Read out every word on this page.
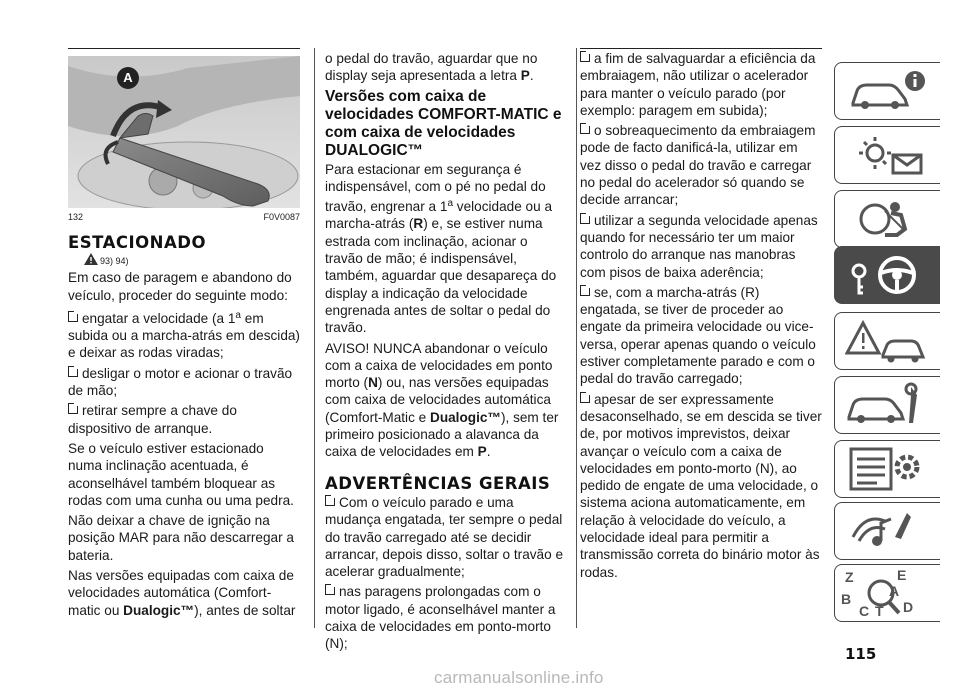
A
132	F0V0087
ESTACIONADO
93) 94)

Em caso de paragem e abandono do veículo, proceder do seguinte modo:

engatar a velocidade (a 1$^a$ em subida ou a marcha-atrás em descida) e deixar as rodas viradas;

desligar o motor e acionar o travão de mão;

retirar sempre a chave do dispositivo de arranque.

Se o veículo estiver estacionado numa inclinação acentuada, é aconselhável também bloquear as rodas com uma cunha ou uma pedra.

Não deixar a chave de ignição na posição MAR para não descarregar a bateria.

Nas versões equipadas com caixa de velocidades automática (Comfort-matic ou Dualogic™), antes de soltar

o pedal do travão, aguardar que no display seja apresentada a letra P.

Versões com caixa de velocidades COMFORT-MATIC e com caixa de velocidades DUALOGIC™

Para estacionar em segurança é indispensável, com o pé no pedal do travão, engrenar a 1$^a$ velocidade ou a marcha-atrás (R) e, se estiver numa estrada com inclinação, acionar o travão de mão; é indispensável, também, aguardar que desapareça do display a indicação da velocidade engrenada antes de soltar o pedal do travão.

AVISO! NUNCA abandonar o veículo com a caixa de velocidades em ponto morto (N) ou, nas versões equipadas com caixa de velocidades automática (Comfort-Matic e Dualogic™), sem ter primeiro posicionado a alavanca da caixa de velocidades em P.

ADVERTÊNCIAS GERAIS

Com o veículo parado e uma mudança engatada, ter sempre o pedal do travão carregado até se decidir arrancar, depois disso, soltar o travão e acelerar gradualmente;

nas paragens prolongadas com o motor ligado, é aconselhável manter a caixa de velocidades em ponto-morto (N);

a fim de salvaguardar a eficiência da embraiagem, não utilizar o acelerador para manter o veículo parado (por exemplo: paragem em subida);

o sobreaquecimento da embraiagem pode de facto danificá-la, utilizar em vez disso o pedal do travão e carregar no pedal do acelerador só quando se decide arrancar;

utilizar a segunda velocidade apenas quando for necessário ter um maior controlo do arranque nas manobras com pisos de baixa aderência;

se, com a marcha-atrás (R) engatada, se tiver de proceder ao engate da primeira velocidade ou vice-versa, operar apenas quando o veículo estiver completamente parado e com o pedal do travão carregado;

apesar de ser expressamente desaconselhado, se em descida se tiver de, por motivos imprevistos, deixar avançar o veículo com a caixa de velocidades em ponto-morto (N), ao pedido de engate de uma velocidade, o sistema aciona automaticamente, em relação à velocidade do veículo, a velocidade ideal para permitir a transmissão correta do binário motor às rodas.	Z	E
A
B
C T D
115
carmanualsonline.info
